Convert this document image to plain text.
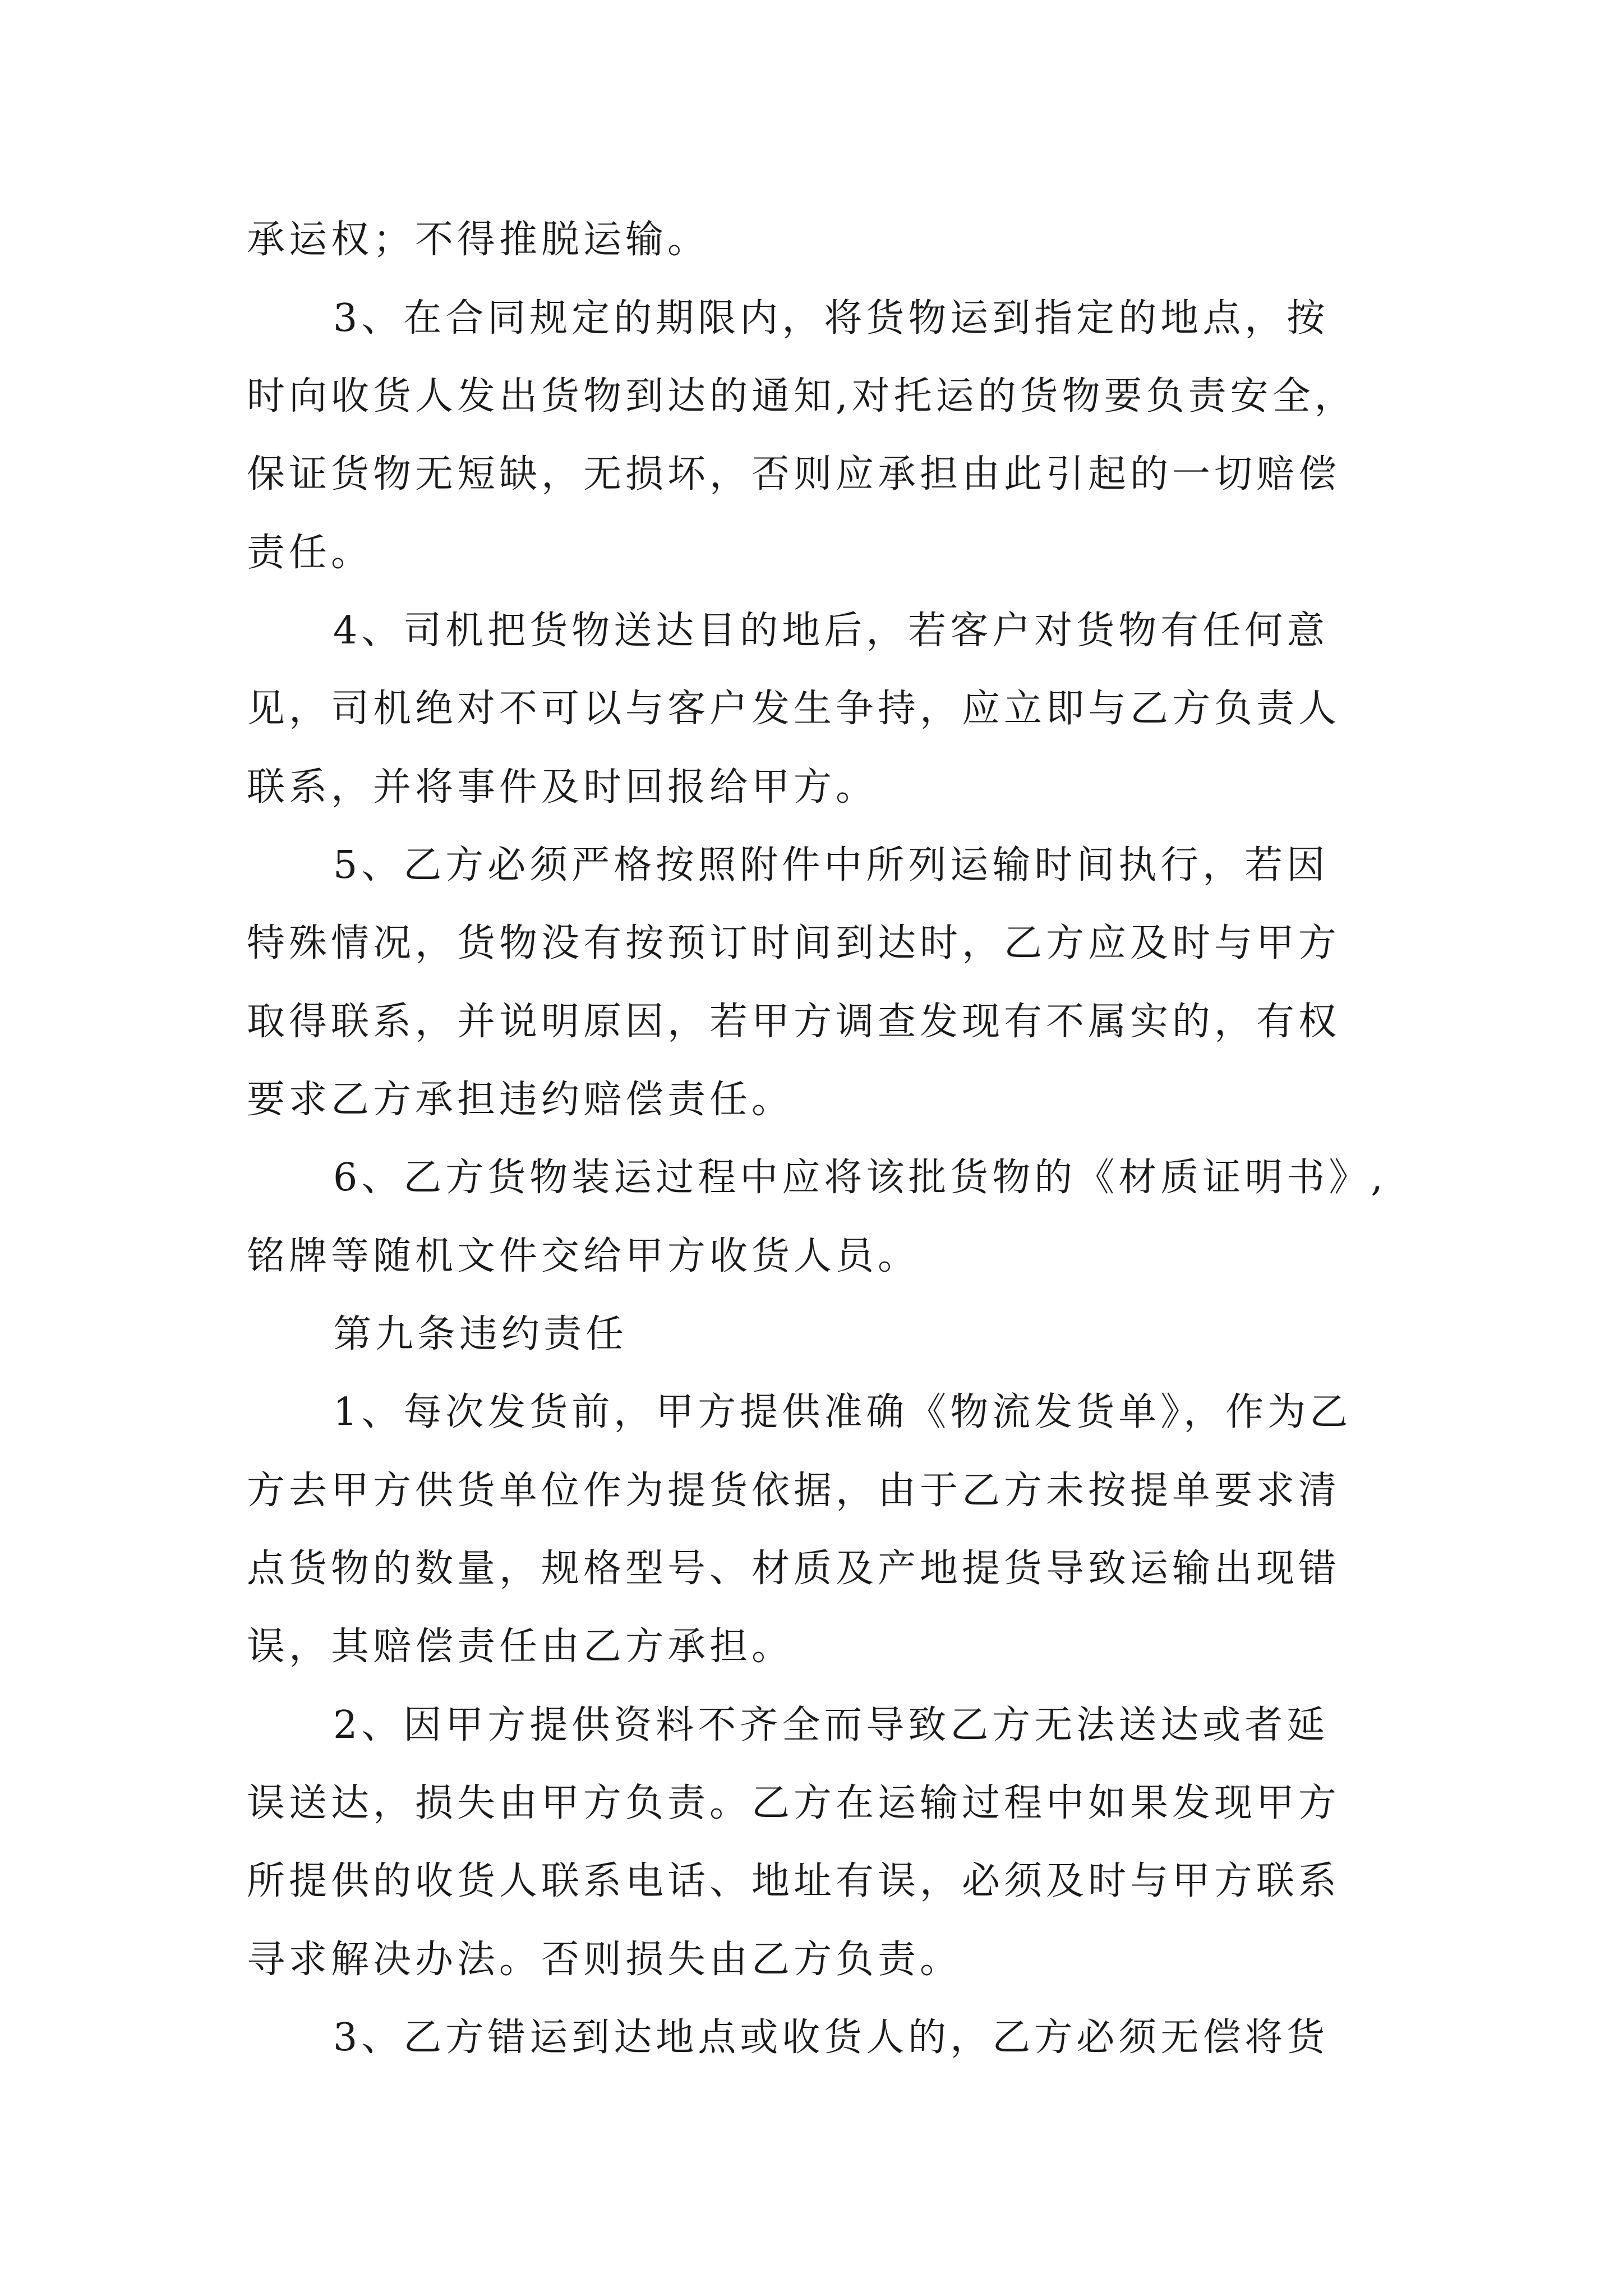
承运权；不得推脱运输。

3、在合同规定的期限内，将货物运到指定的地点，按

时向收货人发出货物到达的通知,对托运的货物要负责安全，

保证货物无短缺，无损坏，否则应承担由此引起的一切赔偿

责任。

4、司机把货物送达目的地后，若客户对货物有任何意

见，司机绝对不可以与客户发生争持，应立即与乙方负责人

联系，并将事件及时回报给甲方。

5、乙方必须严格按照附件中所列运输时间执行，若因

特殊情况，货物没有按预订时间到达时，乙方应及时与甲方

取得联系，并说明原因，若甲方调查发现有不属实的，有权

要求乙方承担违约赔偿责任。

6、乙方货物装运过程中应将该批货物的《材质证明书》,

铭牌等随机文件交给甲方收货人员。

第九条违约责任

1、每次发货前，甲方提供准确《物流发货单》，作为乙

方去甲方供货单位作为提货依据，由于乙方未按提单要求清

点货物的数量，规格型号、材质及产地提货导致运输出现错

误，其赔偿责任由乙方承担。

2、因甲方提供资料不齐全而导致乙方无法送达或者延

误送达，损失由甲方负责。乙方在运输过程中如果发现甲方

所提供的收货人联系电话、地址有误，必须及时与甲方联系

寻求解决办法。否则损失由乙方负责。

3、乙方错运到达地点或收货人的，乙方必须无偿将货
